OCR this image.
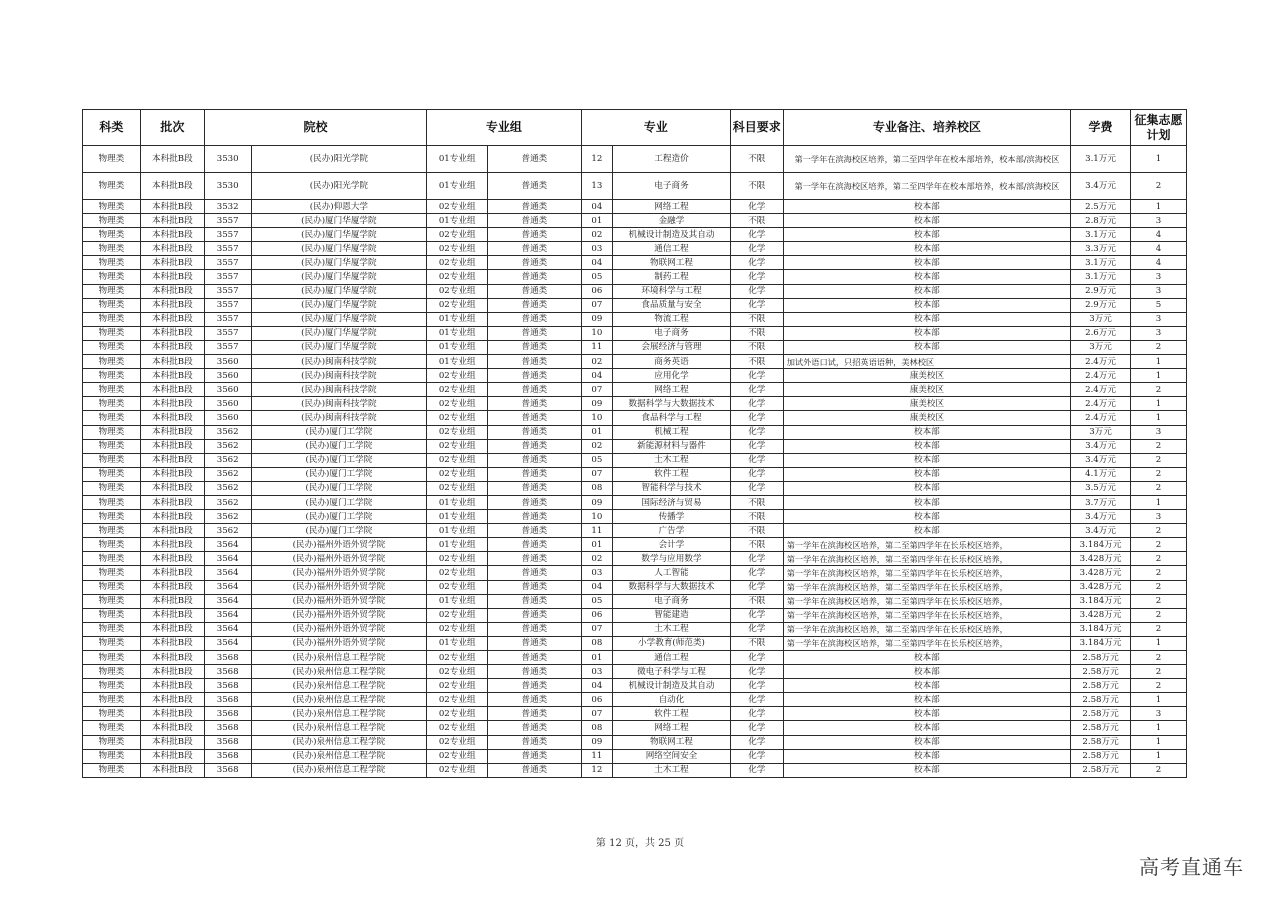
科类	批次	院校		专业组		专业		科目要求	专业备注、培养校区	学费	征集志愿计划
物理类	本科批B段	3530	(民办)阳光学院	01专业组	普通类	12	工程造价	不限	第一学年在滨海校区培养，第二至四学年在校本部培养，校本部/滨海校区	3.1万元	1
物理类	本科批B段	3530	(民办)阳光学院	01专业组	普通类	13	电子商务	不限	第一学年在滨海校区培养，第二至四学年在校本部培养，校本部/滨海校区	3.4万元	2
物理类	本科批B段	3532	(民办)仰恩大学	02专业组	普通类	04	网络工程	化学	校本部	2.5万元	1
物理类	本科批B段	3557	(民办)厦门华厦学院	01专业组	普通类	01	金融学	不限	校本部	2.8万元	3
物理类	本科批B段	3557	(民办)厦门华厦学院	02专业组	普通类	02	机械设计制造及其自动	化学	校本部	3.1万元	4
物理类	本科批B段	3557	(民办)厦门华厦学院	02专业组	普通类	03	通信工程	化学	校本部	3.3万元	4
物理类	本科批B段	3557	(民办)厦门华厦学院	02专业组	普通类	04	物联网工程	化学	校本部	3.1万元	4
物理类	本科批B段	3557	(民办)厦门华厦学院	02专业组	普通类	05	制药工程	化学	校本部	3.1万元	3
物理类	本科批B段	3557	(民办)厦门华厦学院	02专业组	普通类	06	环境科学与工程	化学	校本部	2.9万元	3
物理类	本科批B段	3557	(民办)厦门华厦学院	02专业组	普通类	07	食品质量与安全	化学	校本部	2.9万元	5
物理类	本科批B段	3557	(民办)厦门华厦学院	01专业组	普通类	09	物流工程	不限	校本部	3万元	3
物理类	本科批B段	3557	(民办)厦门华厦学院	01专业组	普通类	10	电子商务	不限	校本部	2.6万元	3
物理类	本科批B段	3557	(民办)厦门华厦学院	01专业组	普通类	11	会展经济与管理	不限	校本部	3万元	2
物理类	本科批B段	3560	(民办)闽南科技学院	01专业组	普通类	02	商务英语	不限	加试外语口试，只招英语语种，美林校区	2.4万元	1
物理类	本科批B段	3560	(民办)闽南科技学院	02专业组	普通类	04	应用化学	化学	康美校区	2.4万元	1
物理类	本科批B段	3560	(民办)闽南科技学院	02专业组	普通类	07	网络工程	化学	康美校区	2.4万元	2
物理类	本科批B段	3560	(民办)闽南科技学院	02专业组	普通类	09	数据科学与大数据技术	化学	康美校区	2.4万元	1
物理类	本科批B段	3560	(民办)闽南科技学院	02专业组	普通类	10	食品科学与工程	化学	康美校区	2.4万元	1
物理类	本科批B段	3562	(民办)厦门工学院	02专业组	普通类	01	机械工程	化学	校本部	3万元	3
物理类	本科批B段	3562	(民办)厦门工学院	02专业组	普通类	02	新能源材料与器件	化学	校本部	3.4万元	2
物理类	本科批B段	3562	(民办)厦门工学院	02专业组	普通类	05	土木工程	化学	校本部	3.4万元	2
物理类	本科批B段	3562	(民办)厦门工学院	02专业组	普通类	07	软件工程	化学	校本部	4.1万元	2
物理类	本科批B段	3562	(民办)厦门工学院	02专业组	普通类	08	智能科学与技术	化学	校本部	3.5万元	2
物理类	本科批B段	3562	(民办)厦门工学院	01专业组	普通类	09	国际经济与贸易	不限	校本部	3.7万元	1
物理类	本科批B段	3562	(民办)厦门工学院	01专业组	普通类	10	传播学	不限	校本部	3.4万元	3
物理类	本科批B段	3562	(民办)厦门工学院	01专业组	普通类	11	广告学	不限	校本部	3.4万元	2
物理类	本科批B段	3564	(民办)福州外语外贸学院	01专业组	普通类	01	会计学	不限	第一学年在滨海校区培养，第二至第四学年在长乐校区培养，	3.184万元	2
物理类	本科批B段	3564	(民办)福州外语外贸学院	02专业组	普通类	02	数学与应用数学	化学	第一学年在滨海校区培养，第二至第四学年在长乐校区培养，	3.428万元	2
物理类	本科批B段	3564	(民办)福州外语外贸学院	02专业组	普通类	03	人工智能	化学	第一学年在滨海校区培养，第二至第四学年在长乐校区培养，	3.428万元	2
物理类	本科批B段	3564	(民办)福州外语外贸学院	02专业组	普通类	04	数据科学与大数据技术	化学	第一学年在滨海校区培养，第二至第四学年在长乐校区培养，	3.428万元	2
物理类	本科批B段	3564	(民办)福州外语外贸学院	01专业组	普通类	05	电子商务	不限	第一学年在滨海校区培养，第二至第四学年在长乐校区培养，	3.184万元	2
物理类	本科批B段	3564	(民办)福州外语外贸学院	02专业组	普通类	06	智能建造	化学	第一学年在滨海校区培养，第二至第四学年在长乐校区培养，	3.428万元	2
物理类	本科批B段	3564	(民办)福州外语外贸学院	02专业组	普通类	07	土木工程	化学	第一学年在滨海校区培养，第二至第四学年在长乐校区培养，	3.184万元	2
物理类	本科批B段	3564	(民办)福州外语外贸学院	01专业组	普通类	08	小学教育(师范类)	不限	第一学年在滨海校区培养，第二至第四学年在长乐校区培养，	3.184万元	1
物理类	本科批B段	3568	(民办)泉州信息工程学院	02专业组	普通类	01	通信工程	化学	校本部	2.58万元	2
物理类	本科批B段	3568	(民办)泉州信息工程学院	02专业组	普通类	03	微电子科学与工程	化学	校本部	2.58万元	2
物理类	本科批B段	3568	(民办)泉州信息工程学院	02专业组	普通类	04	机械设计制造及其自动	化学	校本部	2.58万元	2
物理类	本科批B段	3568	(民办)泉州信息工程学院	02专业组	普通类	06	自动化	化学	校本部	2.58万元	1
物理类	本科批B段	3568	(民办)泉州信息工程学院	02专业组	普通类	07	软件工程	化学	校本部	2.58万元	3
物理类	本科批B段	3568	(民办)泉州信息工程学院	02专业组	普通类	08	网络工程	化学	校本部	2.58万元	1
物理类	本科批B段	3568	(民办)泉州信息工程学院	02专业组	普通类	09	物联网工程	化学	校本部	2.58万元	1
物理类	本科批B段	3568	(民办)泉州信息工程学院	02专业组	普通类	11	网络空间安全	化学	校本部	2.58万元	1
物理类	本科批B段	3568	(民办)泉州信息工程学院	02专业组	普通类	12	土木工程	化学	校本部	2.58万元	2
第 12 页，共 25 页
高考直通车
